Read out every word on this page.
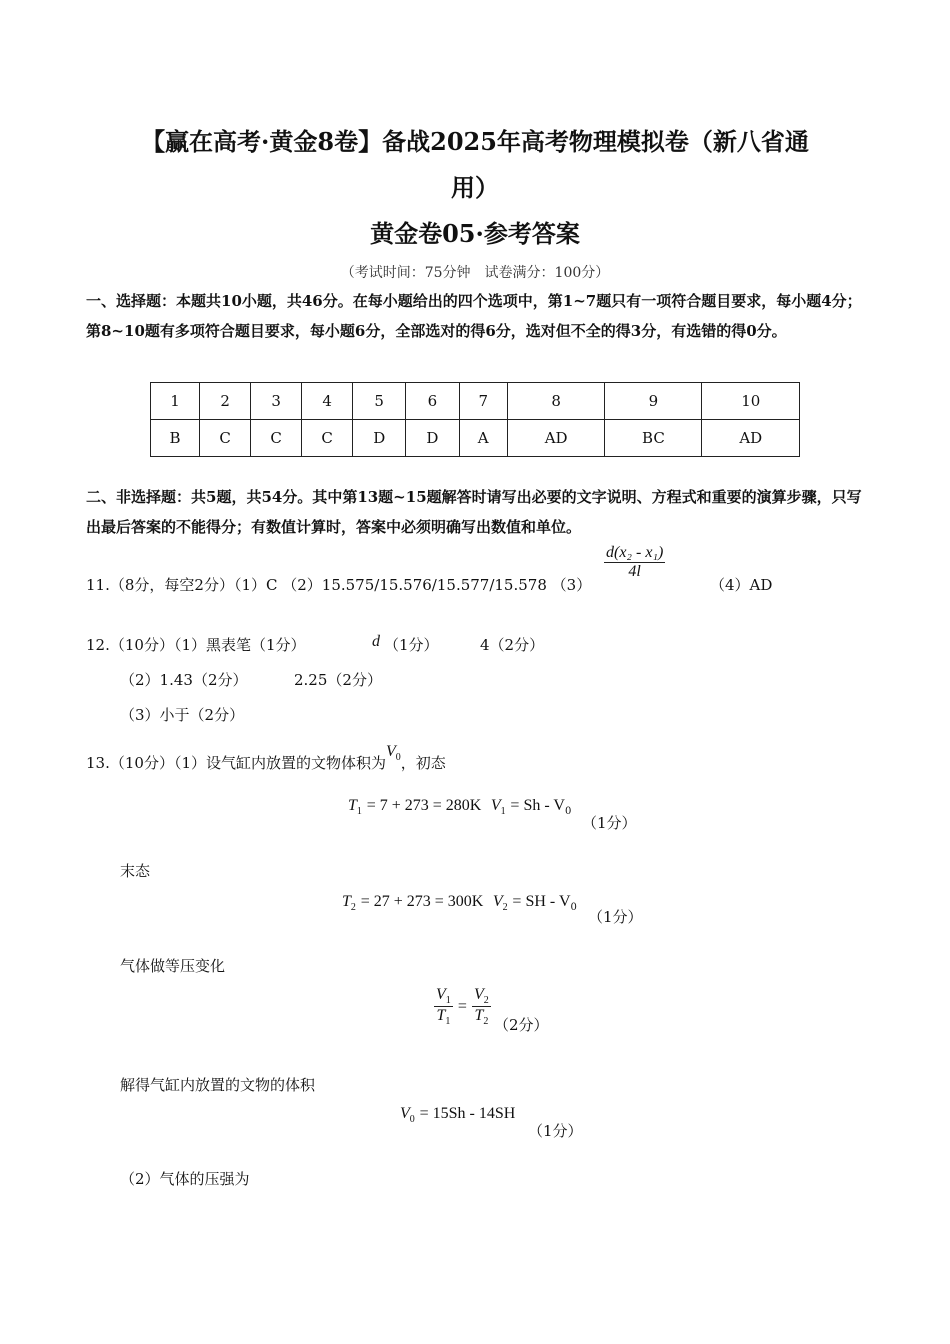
【赢在高考·黄金8卷】备战2025年高考物理模拟卷（新八省通
用）
黄金卷05·参考答案
（考试时间：75分钟　试卷满分：100分）
一、选择题：本题共10小题，共46分。在每小题给出的四个选项中，第1~7题只有一项符合题目要求，每小题4分；第8~10题有多项符合题目要求，每小题6分，全部选对的得6分，选对但不全的得3分，有选错的得0分。
1	2	3	4	5	6	7	8	9	10
B	C	C	C	D	D	A	AD	BC	AD
二、非选择题：共5题，共54分。其中第13题~15题解答时请写出必要的文字说明、方程式和重要的演算步骤，只写出最后答案的不能得分；有数值计算时，答案中必须明确写出数值和单位。
11.（8分，每空2分）（1）C （2）15.575/15.576/15.577/15.578 （3）
$\frac{\text{d(x₂ - x₁)}}{4l}$
（4）AD
12.（10分）（1）黑表笔（1分）	d （1分）	4（2分）
（2）1.43（2分）	2.25（2分）
（3）小于（2分）
13.（10分）（1）设气缸内放置的文物体积为$V_0$，初态
$T_1 = 7 + 273 = 280K$ $V_1 = Sh - V_0$
（1分）
末态
$T_2 = 27 + 273 = 300K$ $V_2$ = SH - $V_0$
（1分）
气体做等压变化
$\frac{V_1}{T_1} = \frac{V_2}{T_2} (2$分）
解得气缸内放置的文物的体积
$V_0 = 15Sh - 14SH$
（1分）
（2）气体的压强为
